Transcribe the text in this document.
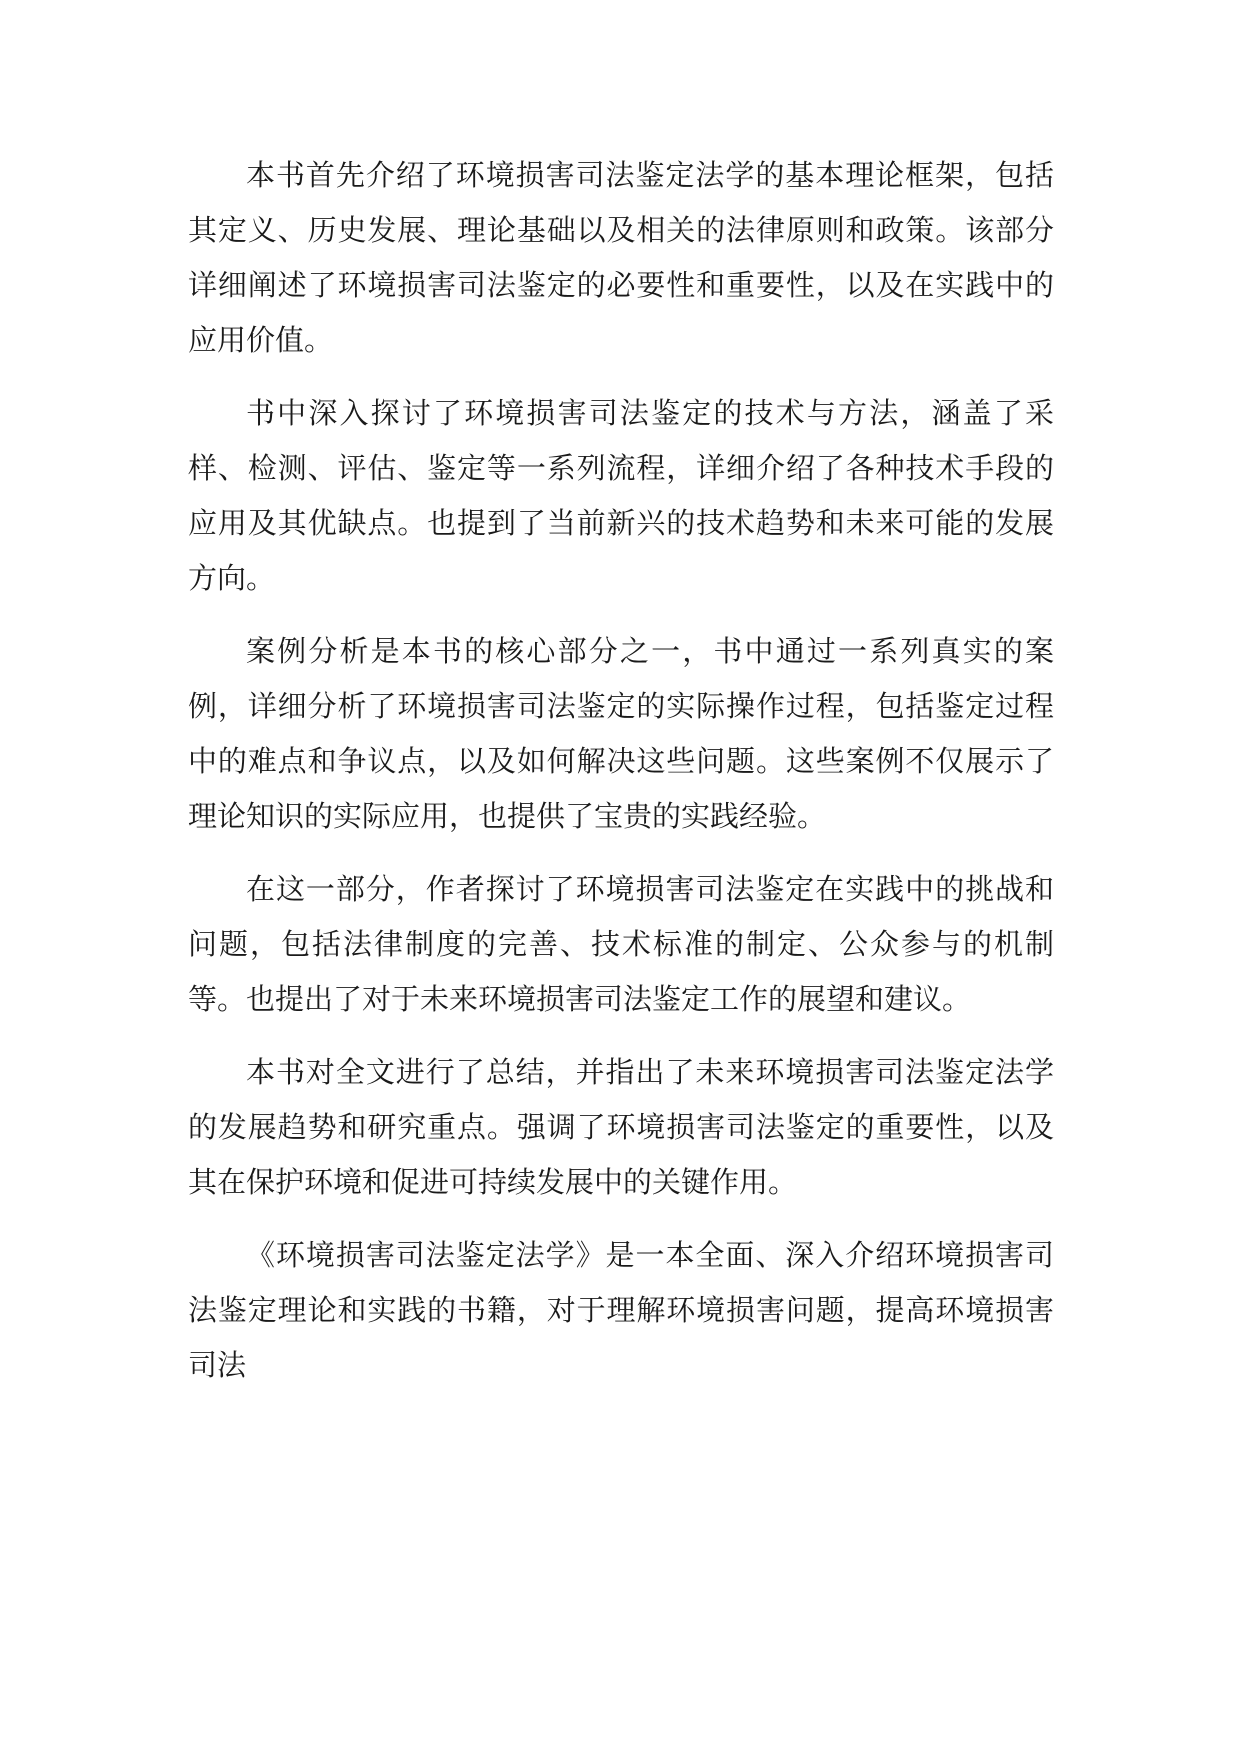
本书首先介绍了环境损害司法鉴定法学的基本理论框架，包括其定义、历史发展、理论基础以及相关的法律原则和政策。该部分详细阐述了环境损害司法鉴定的必要性和重要性，以及在实践中的应用价值。

书中深入探讨了环境损害司法鉴定的技术与方法，涵盖了采样、检测、评估、鉴定等一系列流程，详细介绍了各种技术手段的应用及其优缺点。也提到了当前新兴的技术趋势和未来可能的发展方向。

案例分析是本书的核心部分之一，书中通过一系列真实的案例，详细分析了环境损害司法鉴定的实际操作过程，包括鉴定过程中的难点和争议点，以及如何解决这些问题。这些案例不仅展示了理论知识的实际应用，也提供了宝贵的实践经验。

在这一部分，作者探讨了环境损害司法鉴定在实践中的挑战和问题，包括法律制度的完善、技术标准的制定、公众参与的机制等。也提出了对于未来环境损害司法鉴定工作的展望和建议。

本书对全文进行了总结，并指出了未来环境损害司法鉴定法学的发展趋势和研究重点。强调了环境损害司法鉴定的重要性，以及其在保护环境和促进可持续发展中的关键作用。

《环境损害司法鉴定法学》是一本全面、深入介绍环境损害司法鉴定理论和实践的书籍，对于理解环境损害问题，提高环境损害司法
